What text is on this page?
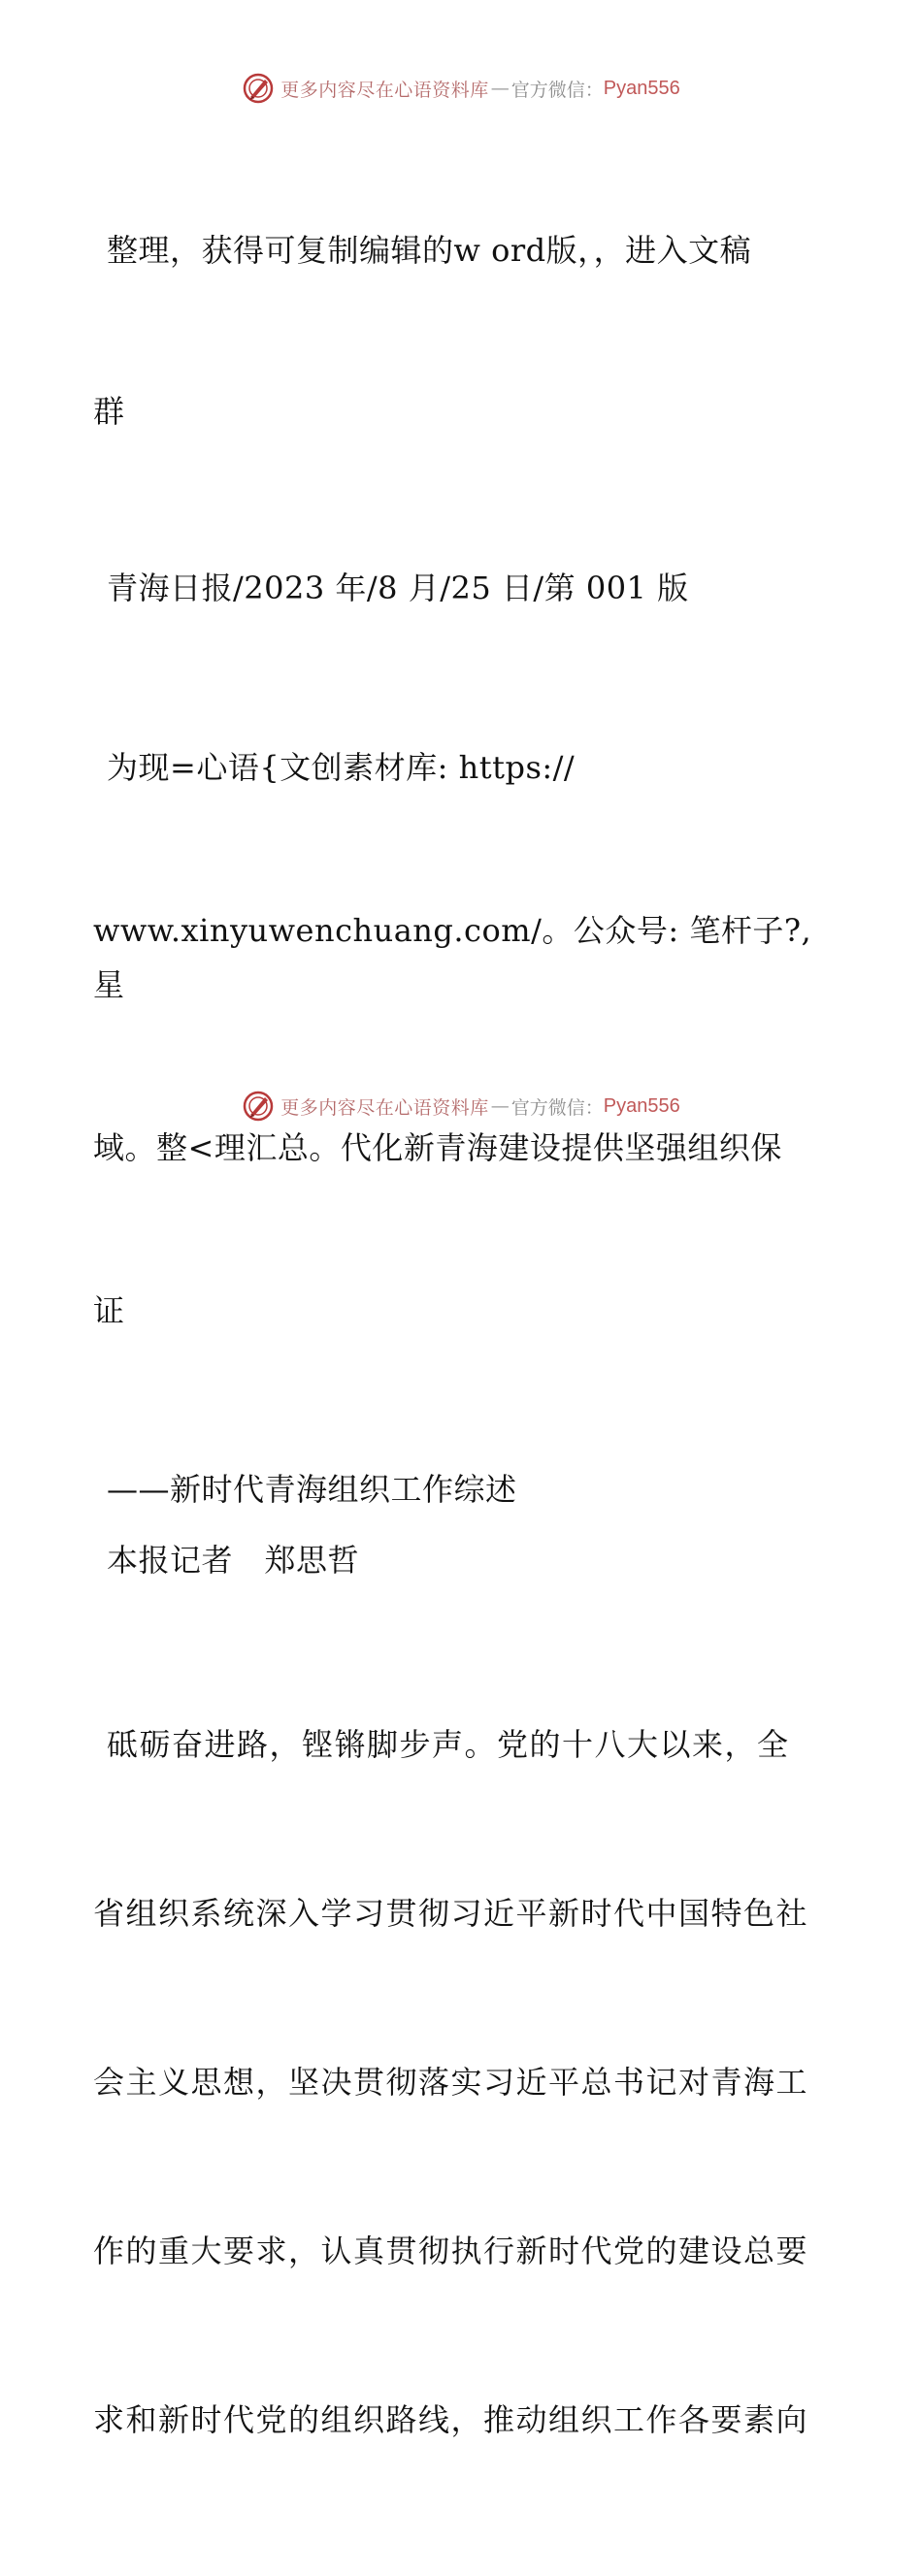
更多内容尽在心语资料库 — 官方微信： Pyan556

整理，获得可复制编辑的w ord版，，进入文稿

群

青海日报/2023 年/8 月/25 日/第 001 版

为现=心语{文创素材库: https://

www.xinyuwenchuang.com/。公众号: 笔杆子?,星

域。整<理汇总。代化新青海建设提供坚强组织保

证

——新时代青海组织工作综述
本报记者　郑思哲

砥砺奋进路，铿锵脚步声。党的十八大以来，全

省组织系统深入学习贯彻习近平新时代中国特色社

会主义思想，坚决贯彻落实习近平总书记对青海工

作的重大要求，认真贯彻执行新时代党的建设总要

求和新时代党的组织路线，推动组织工作各要素向

更多内容尽在心语资料库 — 官方微信： Pyan556
